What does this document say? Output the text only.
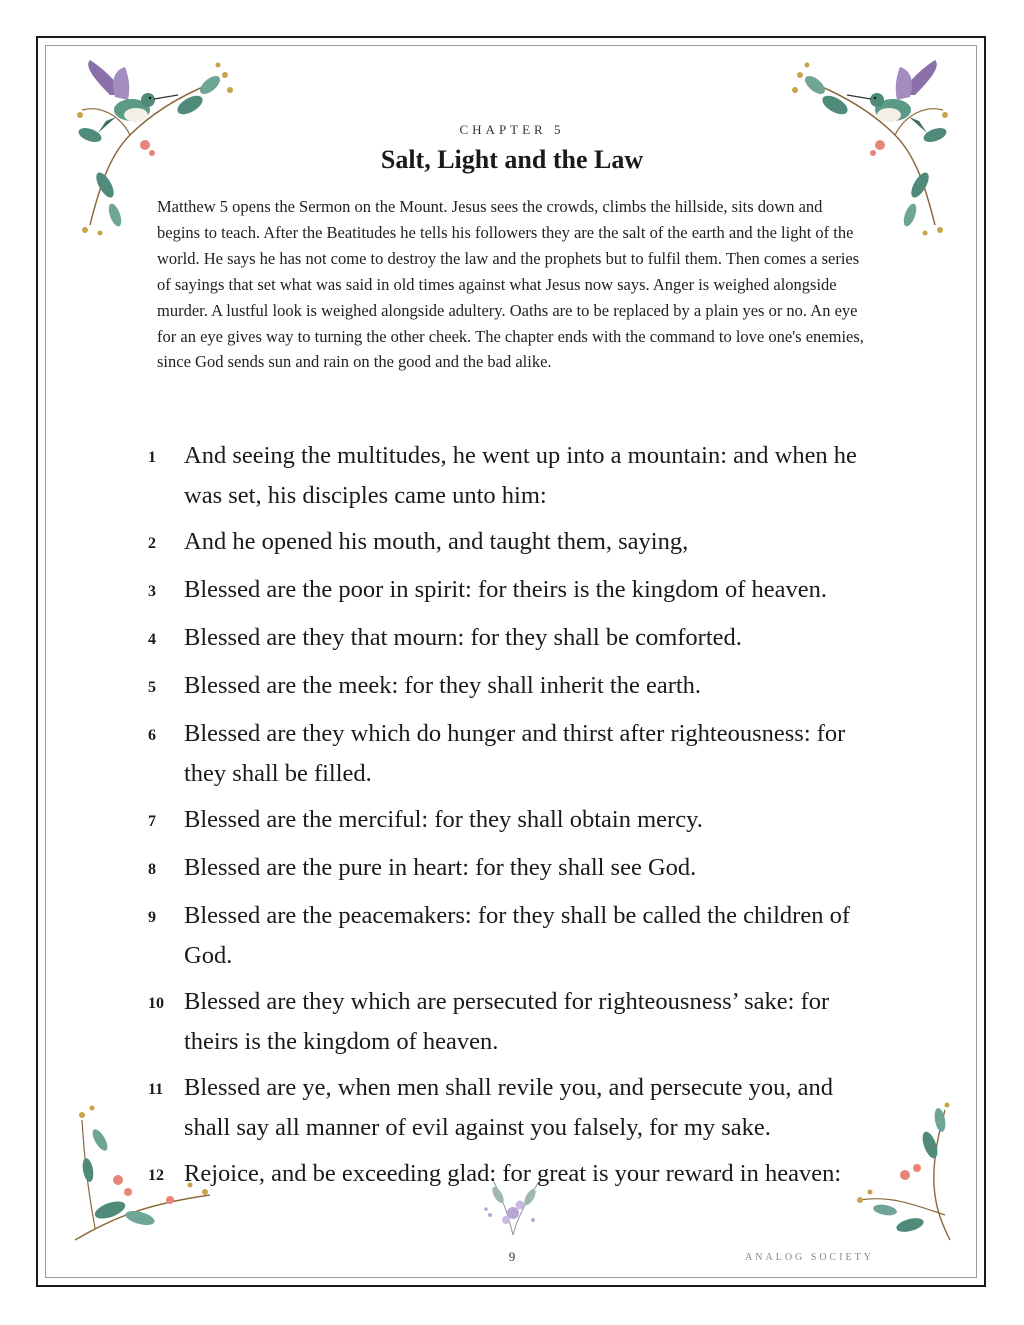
CHAPTER 5
Salt, Light and the Law

Matthew 5 opens the Sermon on the Mount. Jesus sees the crowds, climbs the hillside, sits down and begins to teach. After the Beatitudes he tells his followers they are the salt of the earth and the light of the world. He says he has not come to destroy the law and the prophets but to fulfil them. Then comes a series of sayings that set what was said in old times against what Jesus now says. Anger is weighed alongside murder. A lustful look is weighed alongside adultery. Oaths are to be replaced by a plain yes or no. An eye for an eye gives way to turning the other cheek. The chapter ends with the command to love one's enemies, since God sends sun and rain on the good and the bad alike.

1	And seeing the multitudes, he went up into a mountain: and when he was set, his disciples came unto him:
2	And he opened his mouth, and taught them, saying,
3	Blessed are the poor in spirit: for theirs is the kingdom of heaven.
4	Blessed are they that mourn: for they shall be comforted.
5	Blessed are the meek: for they shall inherit the earth.
6	Blessed are they which do hunger and thirst after righteousness: for they shall be filled.
7	Blessed are the merciful: for they shall obtain mercy.
8	Blessed are the pure in heart: for they shall see God.
9	Blessed are the peacemakers: for they shall be called the children of God.
10 Blessed are they which are persecuted for righteousness’ sake: for theirs is the kingdom of heaven.
11 Blessed are ye, when men shall revile you, and persecute you, and shall say all manner of evil against you falsely, for my sake.
12 Rejoice, and be exceeding glad: for great is your reward in heaven:
9	ANALOG SOCIETY
